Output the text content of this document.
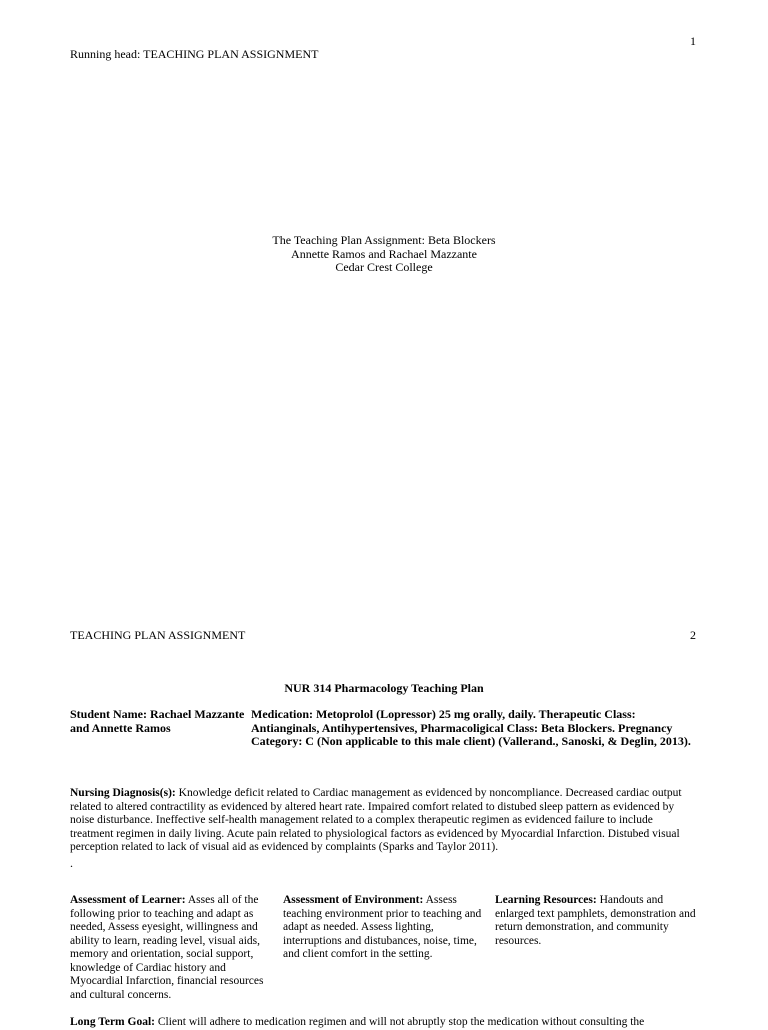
1
Running head: TEACHING PLAN ASSIGNMENT
The Teaching Plan Assignment: Beta Blockers
Annette Ramos and Rachael Mazzante
Cedar Crest College
TEACHING PLAN ASSIGNMENT	2
NUR 314 Pharmacology Teaching Plan
Student Name: Rachael Mazzante and Annette Ramos
Medication: Metoprolol (Lopressor) 25 mg orally, daily. Therapeutic Class: Antianginals, Antihypertensives, Pharmacoligical Class: Beta Blockers. Pregnancy Category: C (Non applicable to this male client) (Vallerand., Sanoski, & Deglin, 2013).
Nursing Diagnosis(s): Knowledge deficit related to Cardiac management as evidenced by noncompliance. Decreased cardiac output related to altered contractility as evidenced by altered heart rate. Impaired comfort related to distubed sleep pattern as evidenced by noise disturbance. Ineffective self-health management related to a complex therapeutic regimen as evidenced failure to include treatment regimen in daily living. Acute pain related to physiological factors as evidenced by Myocardial Infarction. Distubed visual perception related to lack of visual aid as evidenced by complaints (Sparks and Taylor 2011).
.
Assessment of Learner: Asses all of the following prior to teaching and adapt as needed, Assess eyesight, willingness and ability to learn, reading level, visual aids, memory and orientation, social support, knowledge of Cardiac history and Myocardial Infarction, financial resources and cultural concerns.
Assessment of Environment: Assess teaching environment prior to teaching and adapt as needed. Assess lighting, interruptions and distubances, noise, time, and client comfort in the setting.
Learning Resources: Handouts and enlarged text pamphlets, demonstration and return demonstration, and community resources.
Long Term Goal: Client will adhere to medication regimen and will not abruptly stop the medication without consulting the
